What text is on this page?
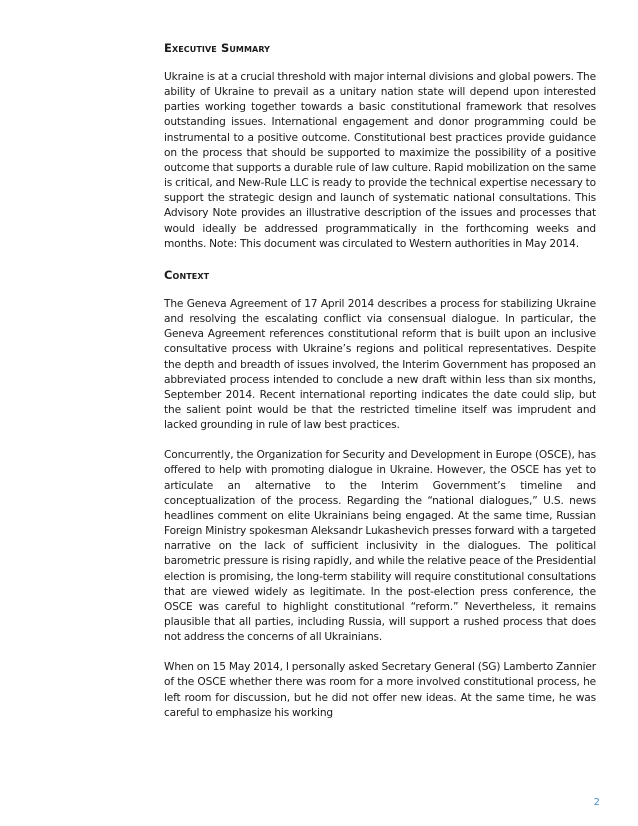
Executive Summary

Ukraine is at a crucial threshold with major internal divisions and global powers. The ability of Ukraine to prevail as a unitary nation state will depend upon interested parties working together towards a basic constitutional framework that resolves outstanding issues. International engagement and donor programming could be instrumental to a positive outcome. Constitutional best practices provide guidance on the process that should be supported to maximize the possibility of a positive outcome that supports a durable rule of law culture. Rapid mobilization on the same is critical, and New-Rule LLC is ready to provide the technical expertise necessary to support the strategic design and launch of systematic national consultations. This Advisory Note provides an illustrative description of the issues and processes that would ideally be addressed programmatically in the forthcoming weeks and months. Note: This document was circulated to Western authorities in May 2014.

Context

The Geneva Agreement of 17 April 2014 describes a process for stabilizing Ukraine and resolving the escalating conflict via consensual dialogue. In particular, the Geneva Agreement references constitutional reform that is built upon an inclusive consultative process with Ukraine’s regions and political representatives. Despite the depth and breadth of issues involved, the Interim Government has proposed an abbreviated process intended to conclude a new draft within less than six months, September 2014. Recent international reporting indicates the date could slip, but the salient point would be that the restricted timeline itself was imprudent and lacked grounding in rule of law best practices.

Concurrently, the Organization for Security and Development in Europe (OSCE), has offered to help with promoting dialogue in Ukraine. However, the OSCE has yet to articulate an alternative to the Interim Government’s timeline and conceptualization of the process. Regarding the “national dialogues,” U.S. news headlines comment on elite Ukrainians being engaged. At the same time, Russian Foreign Ministry spokesman Aleksandr Lukashevich presses forward with a targeted narrative on the lack of sufficient inclusivity in the dialogues. The political barometric pressure is rising rapidly, and while the relative peace of the Presidential election is promising, the long-term stability will require constitutional consultations that are viewed widely as legitimate. In the post-election press conference, the OSCE was careful to highlight constitutional “reform.” Nevertheless, it remains plausible that all parties, including Russia, will support a rushed process that does not address the concerns of all Ukrainians.

When on 15 May 2014, I personally asked Secretary General (SG) Lamberto Zannier of the OSCE whether there was room for a more involved constitutional process, he left room for discussion, but he did not offer new ideas. At the same time, he was careful to emphasize his working

2
